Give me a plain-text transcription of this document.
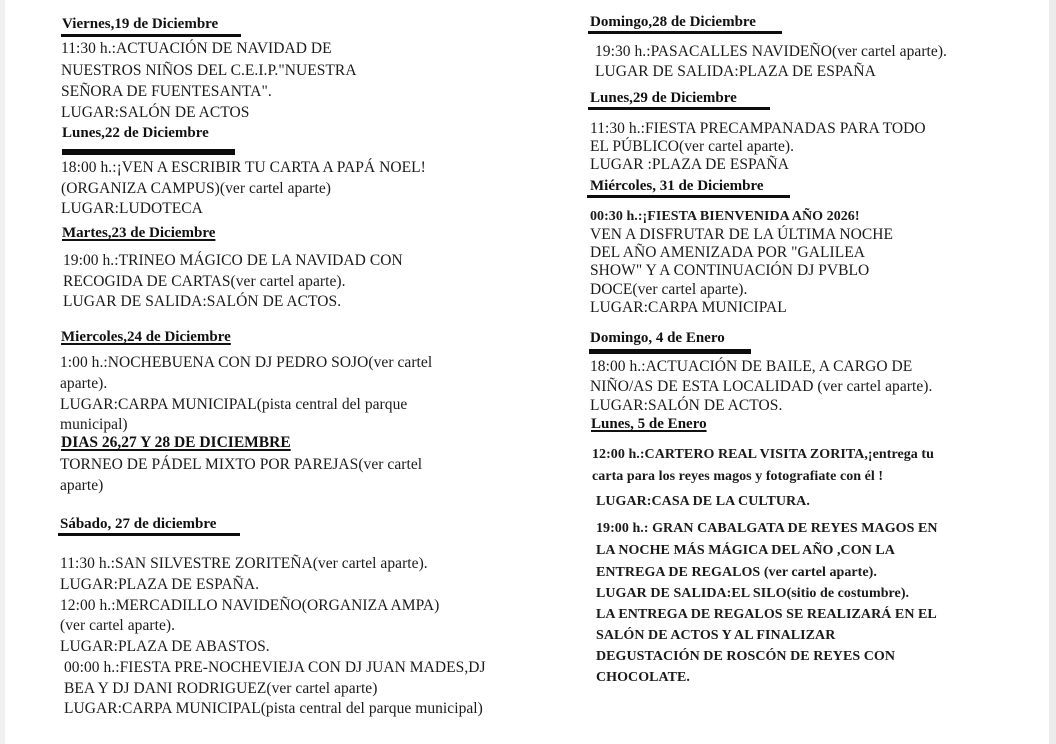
Viernes,19 de Diciembre
11:30 h.:ACTUACIÓN DE NAVIDAD DE
NUESTROS NIÑOS DEL C.E.I.P."NUESTRA
SEÑORA DE FUENTESANTA".
LUGAR:SALÓN DE ACTOS
Lunes,22 de Diciembre
18:00 h.:¡VEN A ESCRIBIR TU CARTA A PAPÁ NOEL!
(ORGANIZA CAMPUS)(ver cartel aparte)
LUGAR:LUDOTECA
Martes,23 de Diciembre
19:00 h.:TRINEO MÁGICO DE LA NAVIDAD CON
RECOGIDA DE CARTAS(ver cartel aparte).
LUGAR DE SALIDA:SALÓN DE ACTOS.
Miercoles,24 de Diciembre
1:00 h.:NOCHEBUENA CON DJ PEDRO SOJO(ver cartel
aparte).
LUGAR:CARPA MUNICIPAL(pista central del parque
municipal)
DIAS 26,27 Y 28 DE DICIEMBRE
TORNEO DE PÁDEL MIXTO POR PAREJAS(ver cartel
aparte)
Sábado, 27 de diciembre
11:30 h.:SAN SILVESTRE ZORITEÑA(ver cartel aparte).
LUGAR:PLAZA DE ESPAÑA.
12:00 h.:MERCADILLO NAVIDEÑO(ORGANIZA AMPA)
(ver cartel aparte).
LUGAR:PLAZA DE ABASTOS.
00:00 h.:FIESTA PRE-NOCHEVIEJA CON DJ JUAN MADES,DJ
BEA Y DJ DANI RODRIGUEZ(ver cartel aparte)
LUGAR:CARPA MUNICIPAL(pista central del parque municipal)
Domingo,28 de Diciembre
19:30 h.:PASACALLES NAVIDEÑO(ver cartel aparte).
LUGAR DE SALIDA:PLAZA DE ESPAÑA
Lunes,29 de Diciembre
11:30 h.:FIESTA PRECAMPANADAS PARA TODO
EL PÚBLICO(ver cartel aparte).
LUGAR :PLAZA DE ESPAÑA
Miércoles, 31 de Diciembre
00:30 h.:¡FIESTA BIENVENIDA AÑO 2026!
VEN A DISFRUTAR DE LA ÚLTIMA NOCHE
DEL AÑO AMENIZADA POR "GALILEA
SHOW" Y A CONTINUACIÓN DJ PVBLO
DOCE(ver cartel aparte).
LUGAR:CARPA MUNICIPAL
Domingo, 4 de Enero
18:00 h.:ACTUACIÓN DE BAILE, A CARGO DE
NIÑO/AS DE ESTA LOCALIDAD (ver cartel aparte).
LUGAR:SALÓN DE ACTOS.
Lunes, 5 de Enero
12:00 h.:CARTERO REAL VISITA ZORITA,¡entrega tu
carta para los reyes magos y fotografiate con él !
LUGAR:CASA DE LA CULTURA.
19:00 h.: GRAN CABALGATA DE REYES MAGOS EN
LA NOCHE MÁS MÁGICA DEL AÑO ,CON LA
ENTREGA DE REGALOS (ver cartel aparte).
LUGAR DE SALIDA:EL SILO(sitio de costumbre).
LA ENTREGA DE REGALOS SE REALIZARÁ EN EL
SALÓN DE ACTOS Y AL FINALIZAR
DEGUSTACIÓN DE ROSCÓN DE REYES CON
CHOCOLATE.
